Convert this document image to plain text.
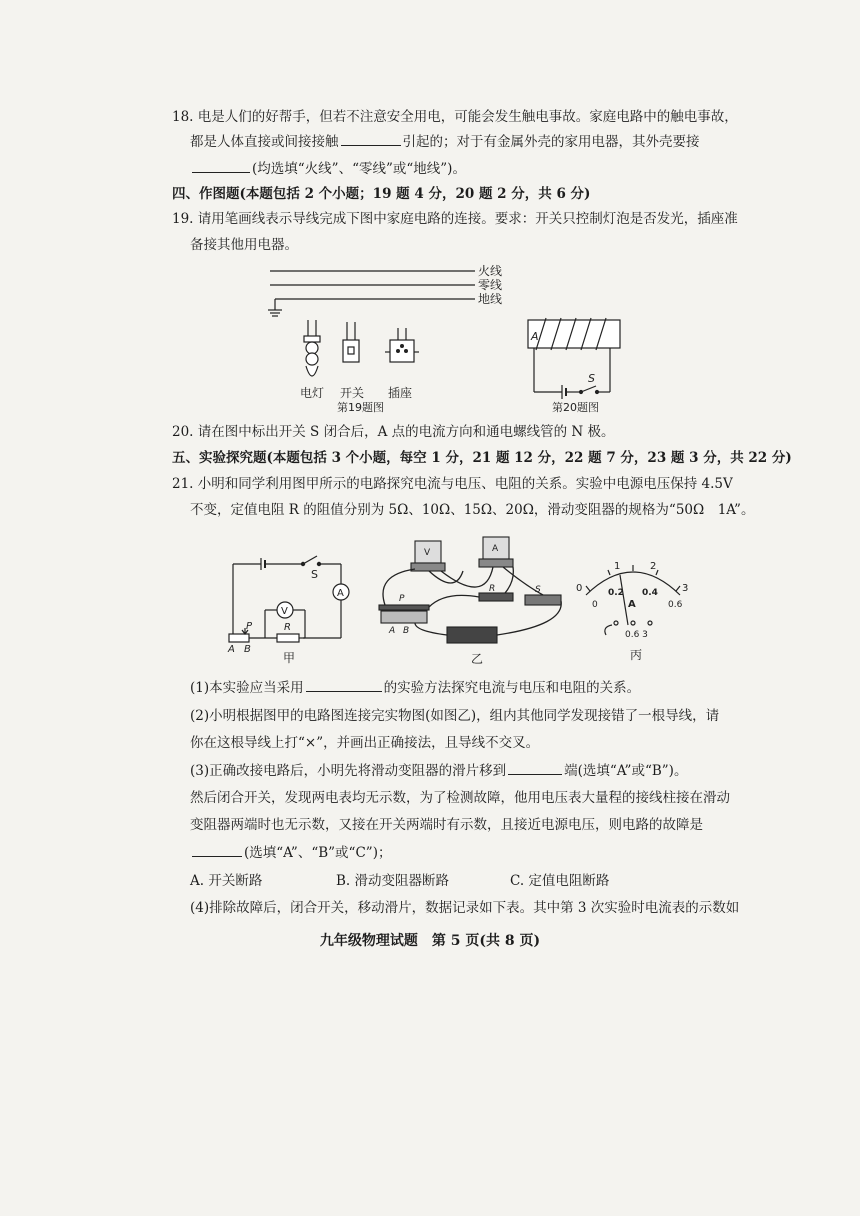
18. 电是人们的好帮手，但若不注意安全用电，可能会发生触电事故。家庭电路中的触电事故，
都是人体直接或间接接触	引起的；对于有金属外壳的家用电器，其外壳要接
(均选填“火线”、“零线”或“地线”)。
四、作图题(本题包括 2 个小题；19 题 4 分，20 题 2 分，共 6 分)
19. 请用笔画线表示导线完成下图中家庭电路的连接。要求：开关只控制灯泡是否发光，插座准
备接其他用电器。
火线
零线
地线
电灯 开关 插座
第19题图
A
S
第20题图
20. 请在图中标出开关 S 闭合后，A 点的电流方向和通电螺线管的 N 极。
五、实验探究题(本题包括 3 个小题，每空 1 分，21 题 12 分，22 题 7 分，23 题 3 分，共 22 分)
21. 小明和同学利用图甲所示的电路探究电流与电压、电阻的关系。实验中电源电压保持 4.5V
不变，定值电阻 R 的阻值分别为 5Ω、10Ω、15Ω、20Ω，滑动变阻器的规格为“50Ω　1A”。
S
A
V
P	R
A B
甲
V	A
P
R	S
A B
乙
0
1	2
3
0
0.2 0.4
0.6
A
0.6 3
丙
(1)本实验应当采用	的实验方法探究电流与电压和电阻的关系。
(2)小明根据图甲的电路图连接完实物图(如图乙)，组内其他同学发现接错了一根导线，请
你在这根导线上打“×”，并画出正确接法，且导线不交叉。
(3)正确改接电路后，小明先将滑动变阻器的滑片移到	端(选填“A”或“B”)。
然后闭合开关，发现两电表均无示数，为了检测故障，他用电压表大量程的接线柱接在滑动
变阻器两端时也无示数，又接在开关两端时有示数，且接近电源电压，则电路的故障是
(选填“A”、“B”或“C”)；
A. 开关断路	B. 滑动变阻器断路	C. 定值电阻断路
(4)排除故障后，闭合开关，移动滑片，数据记录如下表。其中第 3 次实验时电流表的示数如
九年级物理试题　第 5 页(共 8 页)
